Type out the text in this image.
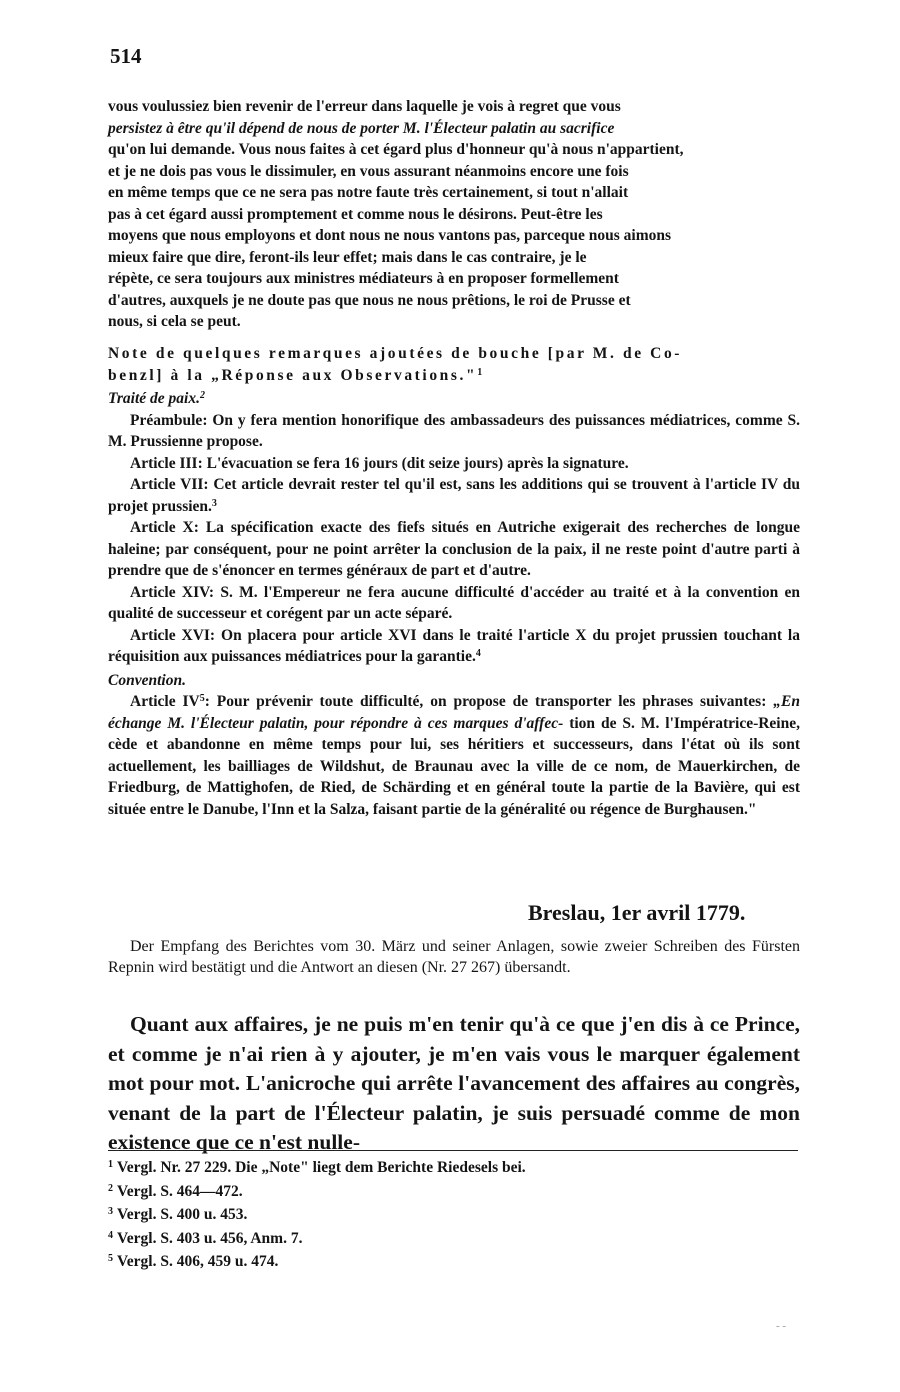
514

vous voulussiez bien revenir de l'erreur dans laquelle je vois à regret que vous

persistez à être qu'il dépend de nous de porter M. l'Électeur palatin au sacrifice

qu'on lui demande. Vous nous faites à cet égard plus d'honneur qu'à nous n'appartient,

et je ne dois pas vous le dissimuler, en vous assurant néanmoins encore une fois

en même temps que ce ne sera pas notre faute très certainement, si tout n'allait

pas à cet égard aussi promptement et comme nous le désirons. Peut-être les

moyens que nous employons et dont nous ne nous vantons pas, parceque nous aimons

mieux faire que dire, feront-ils leur effet; mais dans le cas contraire, je le

répète, ce sera toujours aux ministres médiateurs à en proposer formellement

d'autres, auxquels je ne doute pas que nous ne nous prêtions, le roi de Prusse et

nous, si cela se peut.

Note de quelques remarques ajoutées de bouche [par M. de Co-

benzl] à la „Réponse aux Observations."$^1$

Traité de paix.$^2$

Préambule: On y fera mention honorifique des ambassadeurs des puissances médiatrices, comme S. M. Prussienne propose.

Article III: L'évacuation se fera 16 jours (dit seize jours) après la signature.

Article VII: Cet article devrait rester tel qu'il est, sans les additions qui se trouvent à l'article IV du projet prussien.$^3$

Article X: La spécification exacte des fiefs situés en Autriche exigerait des recherches de longue haleine; par conséquent, pour ne point arrêter la conclusion de la paix, il ne reste point d'autre parti à prendre que de s'énoncer en termes généraux de part et d'autre.

Article XIV: S. M. l'Empereur ne fera aucune difficulté d'accéder au traité et à la convention en qualité de successeur et corégent par un acte séparé.

Article XVI: On placera pour article XVI dans le traité l'article X du projet prussien touchant la réquisition aux puissances médiatrices pour la garantie.$^4$

Convention.

Article $IV^5$: Pour prévenir toute difficulté, on propose de transporter les phrases suivantes: „En échange M. l'Électeur palatin, pour répondre à ces marques d'affec- tion de S. M. l'Impératrice-Reine, cède et abandonne en même temps pour lui, ses héritiers et successeurs, dans l'état où ils sont actuellement, les bailliages de Wildshut, de Braunau avec la ville de ce nom, de Mauerkirchen, de Friedburg, de Mattighofen, de Ried, de Schärding et en général toute la partie de la Bavière, qui est située entre le Danube, l'Inn et la Salza, faisant partie de la généralité ou régence de Burghausen."

Breslau, 1er avril 1779.

Der Empfang des Berichtes vom 30. März und seiner Anlagen, sowie zweier Schreiben des Fürsten Repnin wird bestätigt und die Antwort an diesen (Nr. 27 267) übersandt.

Quant aux affaires, je ne puis m'en tenir qu'à ce que j'en dis à ce Prince, et comme je n'ai rien à y ajouter, je m'en vais vous le marquer également mot pour mot. L'anicroche qui arrête l'avancement des affaires au congrès, venant de la part de l'Électeur palatin, je suis persuadé comme de mon existence que ce n'est nulle-

$^1$ Vergl. Nr. 27 229. Die „Note" liegt dem Berichte Riedesels bei.

$^2$ Vergl. S. 464—472.

$^3$ Vergl. S. 400 u. 453.

$^4$ Vergl. S. 403 u. 456, Anm. 7.

$^5$ Vergl. S. 406, 459 u. 474.

- -
